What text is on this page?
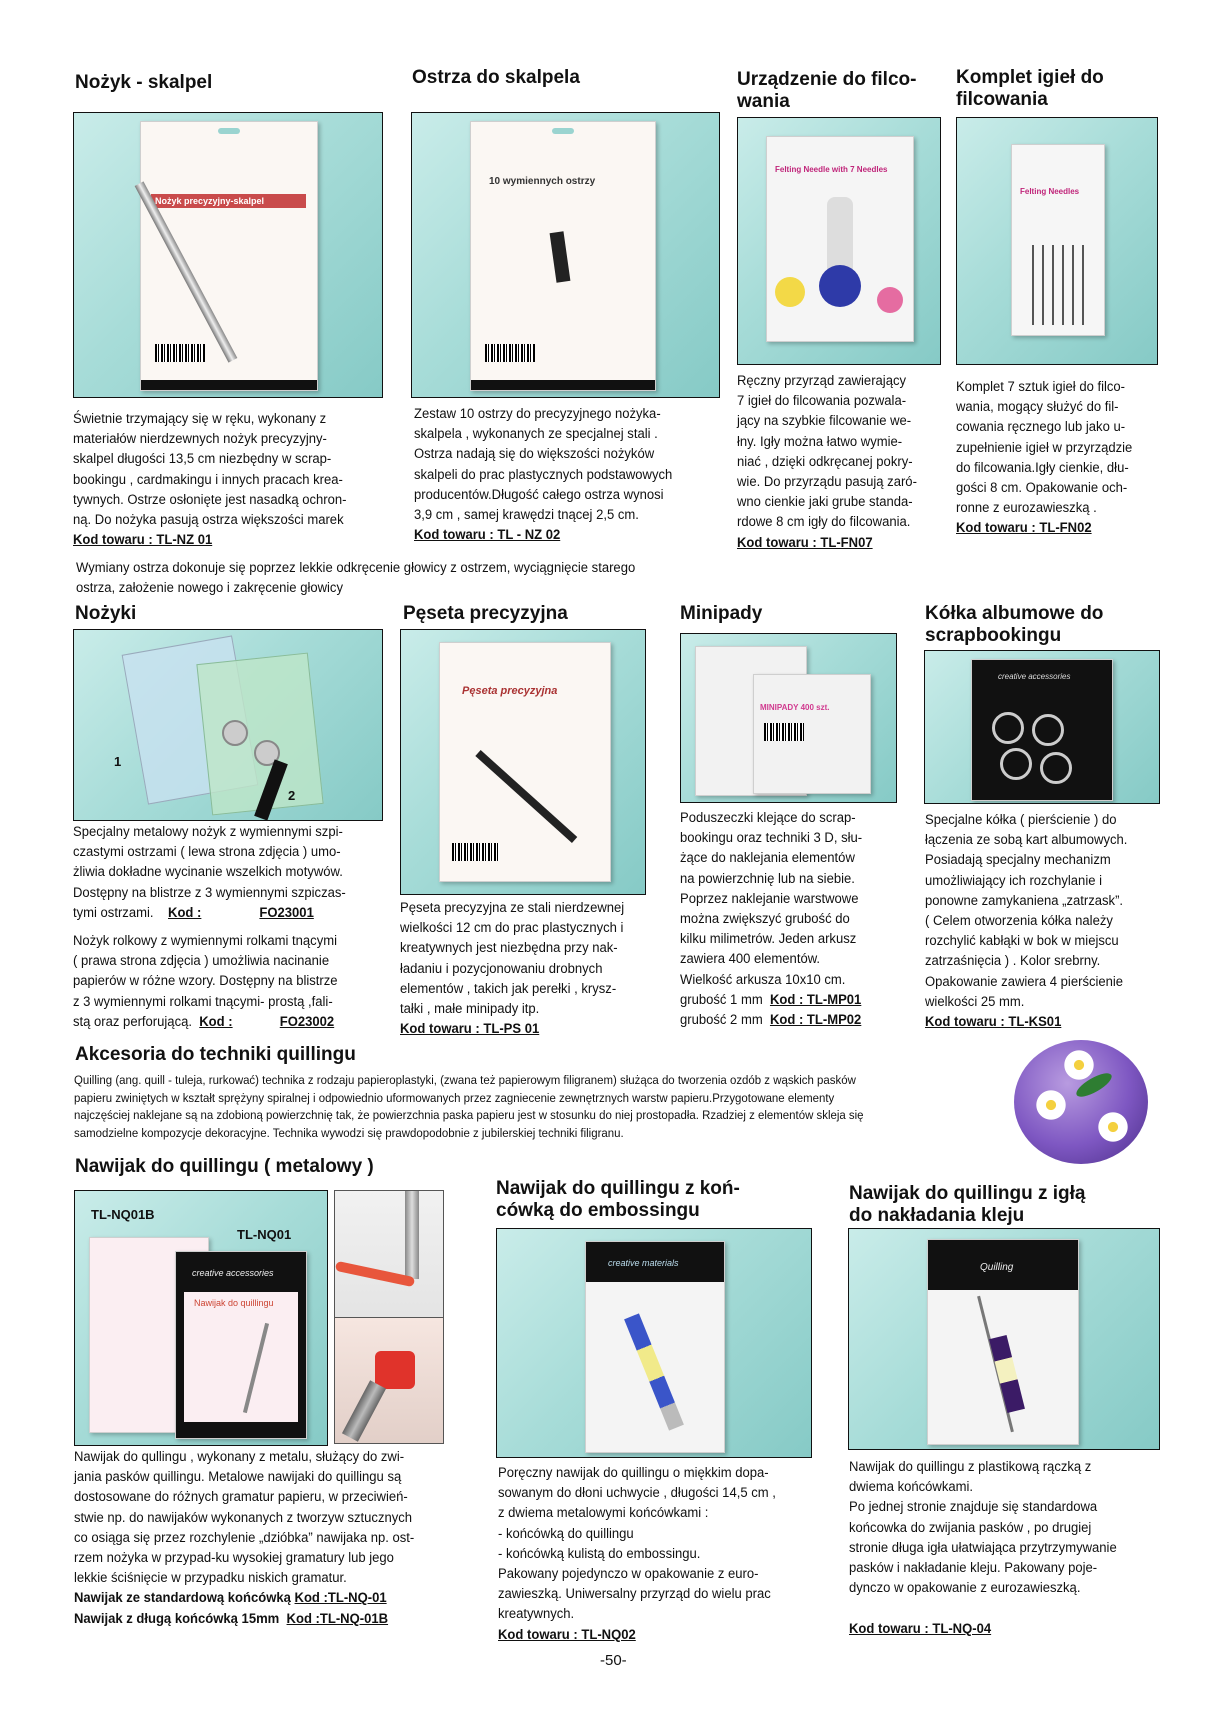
Nożyk - skalpel
Nożyk precyzyjny-skalpel

Świetnie trzymający się w ręku, wykonany z

materiałów nierdzewnych nożyk precyzyjny-

skalpel długości 13,5 cm niezbędny w scrap-

bookingu , cardmakingu i innych pracach krea-

tywnych. Ostrze osłonięte jest nasadką ochron-

ną. Do nożyka pasują ostrza większości marek

Kod towaru : TL-NZ 01

Ostrza do skalpela
10 wymiennych ostrzy

Zestaw 10 ostrzy do precyzyjnego nożyka-

skalpela , wykonanych ze specjalnej stali .

Ostrza nadają się do większości nożyków

skalpeli do prac plastycznych podstawowych

producentów.Długość całego ostrza wynosi

3,9 cm , samej krawędzi tnącej 2,5 cm.

Kod towaru : TL - NZ 02

Urządzenie do filco-
wania
Felting Needle with 7 Needles

Ręczny przyrząd zawierający

7 igieł do filcowania pozwala-

jący na szybkie filcowanie we-

łny. Igły można łatwo wymie-

niać , dzięki odkręcanej pokry-

wie. Do przyrządu pasują zaró-

wno cienkie jaki grube standa-

rdowe 8 cm igły do filcowania.

Kod towaru : TL-FN07

Komplet igieł do
filcowania
Felting Needles

Komplet 7 sztuk igieł do filco-

wania, mogący służyć do fil-

cowania ręcznego lub jako u-

zupełnienie igieł w przyrządzie

do filcowania.Igły cienkie, dłu-

gości 8 cm. Opakowanie och-

ronne z eurozawieszką .

Kod towaru : TL-FN02

Wymiany ostrza dokonuje się poprzez lekkie odkręcenie głowicy z ostrzem, wyciągnięcie starego

ostrza, założenie nowego i zakręcenie głowicy

Nożyki
1
2

Specjalny metalowy nożyk z wymiennymi szpi-

czastymi ostrzami ( lewa strona zdjęcia ) umo-

żliwia dokładne wycinanie wszelkich motywów.

Dostępny na blistrze z 3 wymiennymi szpiczas-

tymi ostrzami. Kod :	FO23001

Nożyk rolkowy z wymiennymi rolkami tnącymi

( prawa strona zdjęcia ) umożliwia nacinanie

papierów w różne wzory. Dostępny na blistrze

z 3 wymiennymi rolkami tnącymi- prostą ,fali-

stą oraz perforującą. Kod :	FO23002

Pęseta precyzyjna
Pęseta precyzyjna

Pęseta precyzyjna ze stali nierdzewnej

wielkości 12 cm do prac plastycznych i

kreatywnych jest niezbędna przy nak-

ładaniu i pozycjonowaniu drobnych

elementów , takich jak perełki , krysz-

tałki , małe minipady itp.

Kod towaru : TL-PS 01

Minipady
MINIPADY 400 szt.

Poduszeczki klejące do scrap-

bookingu oraz techniki 3 D, słu-

żące do naklejania elementów

na powierzchnię lub na siebie.

Poprzez naklejanie warstwowe

można zwiększyć grubość do

kilku milimetrów. Jeden arkusz

zawiera 400 elementów.

Wielkość arkusza 10x10 cm.

grubość 1 mm Kod : TL-MP01

grubość 2 mm Kod : TL-MP02

Kółka albumowe do
scrapbookingu
creative accessories

Specjalne kółka ( pierścienie ) do

łączenia ze sobą kart albumowych.

Posiadają specjalny mechanizm

umożliwiający ich rozchylanie i

ponowne zamykaniena „zatrzask”.

( Celem otworzenia kółka należy

rozchylić kabłąki w bok w miejscu

zatrzaśnięcia ) . Kolor srebrny.

Opakowanie zawiera 4 pierścienie

wielkości 25 mm.

Kod towaru : TL-KS01

Akcesoria do techniki quillingu
Quilling (ang. quill - tuleja, rurkować) technika z rodzaju papieroplastyki, (zwana też papierowym filigranem) służąca do tworzenia ozdób z wąskich pasków
papieru zwiniętych w kształt sprężyny spiralnej i odpowiednio uformowanych przez zagniecenie zewnętrznych warstw papieru.Przygotowane elementy
najczęściej naklejane są na zdobioną powierzchnię tak, że powierzchnia paska papieru jest w stosunku do niej prostopadła. Rzadziej z elementów skleja się
samodzielne kompozycje dekoracyjne. Technika wywodzi się prawdopodobnie z jubilerskiej techniki filigranu.
Nawijak do quillingu ( metalowy )
TL-NQ01B
TL-NQ01
creative accessories
Nawijak do quillingu

Nawijak do qullingu , wykonany z metalu, służący do zwi-

jania pasków quillingu. Metalowe nawijaki do quillingu są

dostosowane do różnych gramatur papieru, w przeciwień-

stwie np. do nawijaków wykonanych z tworzyw sztucznych

co osiąga się przez rozchylenie „dzióbka” nawijaka np. ost-

rzem nożyka w przypad-ku wysokiej gramatury lub jego

lekkie ściśnięcie w przypadku niskich gramatur.

Nawijak ze standardową końcówką Kod :TL-NQ-01

Nawijak z długą końcówką 15mm Kod :TL-NQ-01B

Nawijak do quillingu z koń-
cówką do embossingu
creative materials

Poręczny nawijak do quillingu o miękkim dopa-

sowanym do dłoni uchwycie , długości 14,5 cm ,

z dwiema metalowymi końcówkami :

- końcówką do quillingu

- końcówką kulistą do embossingu.

Pakowany pojedynczo w opakowanie z euro-

zawieszką. Uniwersalny przyrząd do wielu prac

kreatywnych.

Kod towaru : TL-NQ02

Nawijak do quillingu z igłą
do nakładania kleju
Quilling

Nawijak do quillingu z plastikową rączką z

dwiema końcówkami.

Po jednej stronie znajduje się standardowa

końcowka do zwijania pasków , po drugiej

stronie długa igła ułatwiająca przytrzymywanie

pasków i nakładanie kleju. Pakowany poje-

dynczo w opakowanie z eurozawieszką.

Kod towaru : TL-NQ-04

-50-
